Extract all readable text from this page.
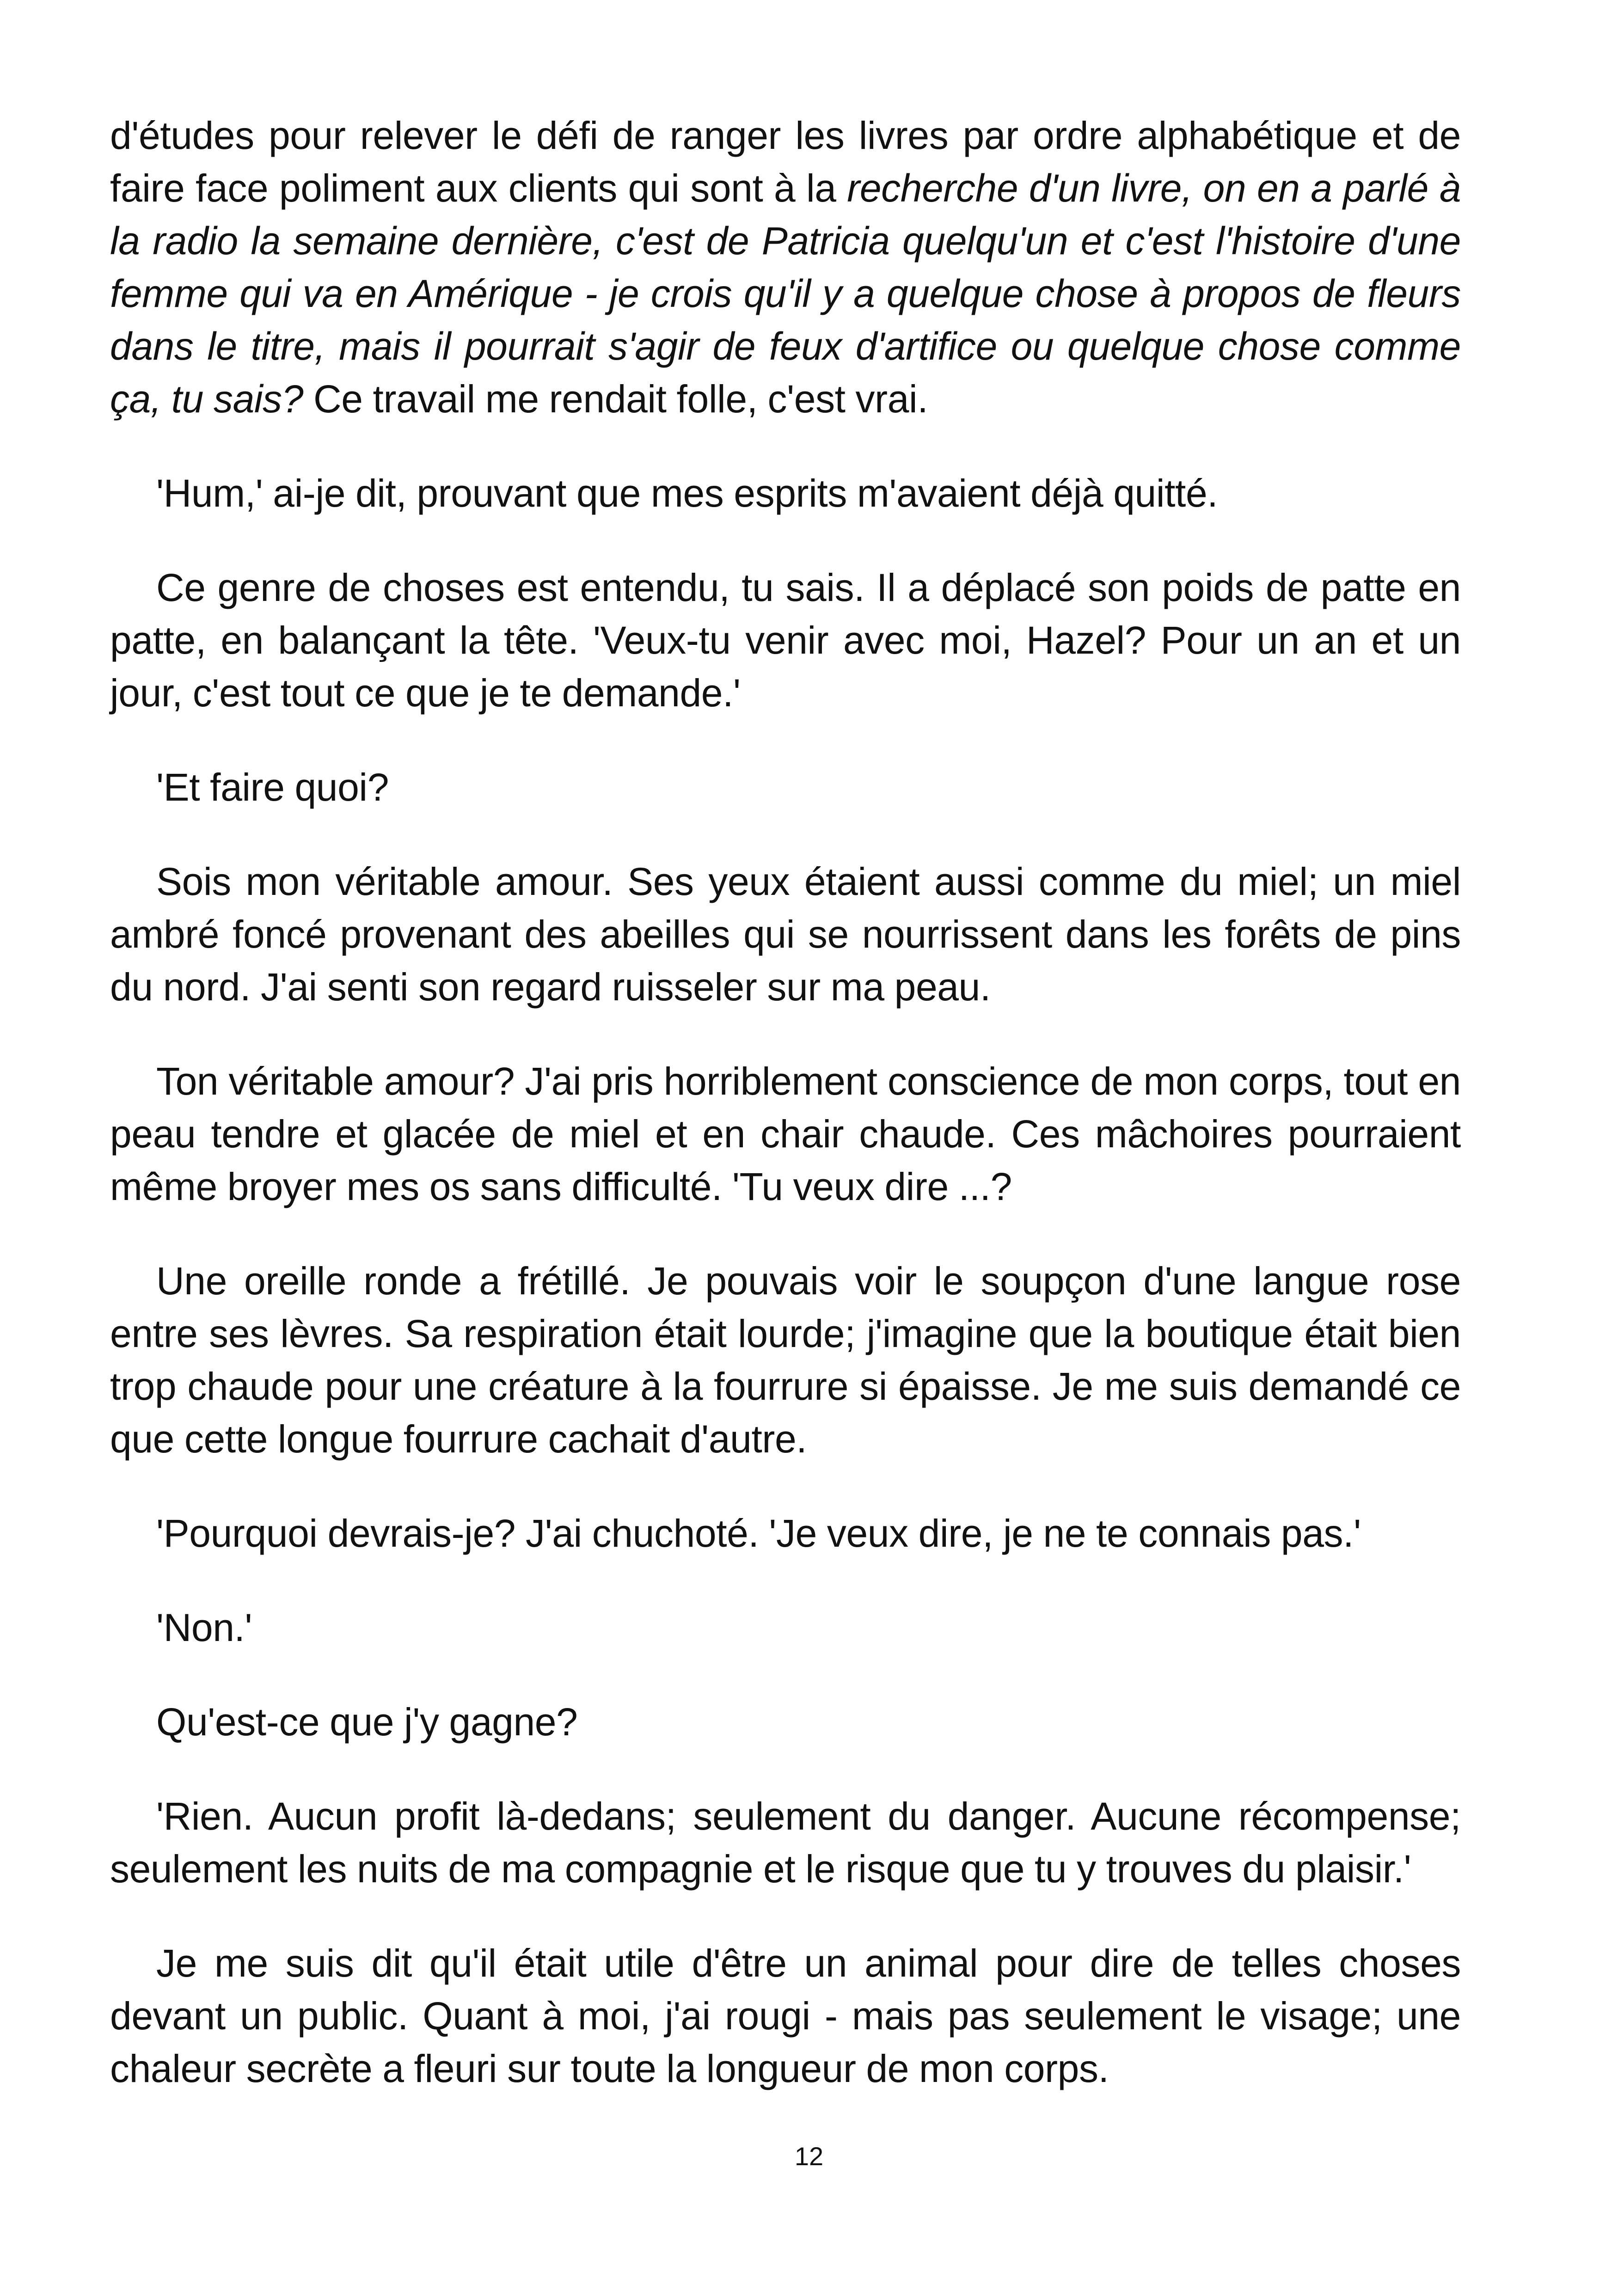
d'études pour relever le défi de ranger les livres par ordre alphabétique et de faire face poliment aux clients qui sont à la recherche d'un livre, on en a parlé à la radio la semaine dernière, c'est de Patricia quelqu'un et c'est l'histoire d'une femme qui va en Amérique - je crois qu'il y a quelque chose à propos de fleurs dans le titre, mais il pourrait s'agir de feux d'artifice ou quelque chose comme ça, tu sais? Ce travail me rendait folle, c'est vrai.

'Hum,' ai-je dit, prouvant que mes esprits m'avaient déjà quitté.

Ce genre de choses est entendu, tu sais. Il a déplacé son poids de patte en patte, en balançant la tête. 'Veux-tu venir avec moi, Hazel? Pour un an et un jour, c'est tout ce que je te demande.'

'Et faire quoi?

Sois mon véritable amour. Ses yeux étaient aussi comme du miel; un miel ambré foncé provenant des abeilles qui se nourrissent dans les forêts de pins du nord. J'ai senti son regard ruisseler sur ma peau.

Ton véritable amour? J'ai pris horriblement conscience de mon corps, tout en peau tendre et glacée de miel et en chair chaude. Ces mâchoires pourraient même broyer mes os sans difficulté. 'Tu veux dire ...?

Une oreille ronde a frétillé. Je pouvais voir le soupçon d'une langue rose entre ses lèvres. Sa respiration était lourde; j'imagine que la boutique était bien trop chaude pour une créature à la fourrure si épaisse. Je me suis demandé ce que cette longue fourrure cachait d'autre.

'Pourquoi devrais-je? J'ai chuchoté. 'Je veux dire, je ne te connais pas.'

'Non.'

Qu'est-ce que j'y gagne?

'Rien. Aucun profit là-dedans; seulement du danger. Aucune récompense; seulement les nuits de ma compagnie et le risque que tu y trouves du plaisir.'

Je me suis dit qu'il était utile d'être un animal pour dire de telles choses devant un public. Quant à moi, j'ai rougi - mais pas seulement le visage; une chaleur secrète a fleuri sur toute la longueur de mon corps.

12
